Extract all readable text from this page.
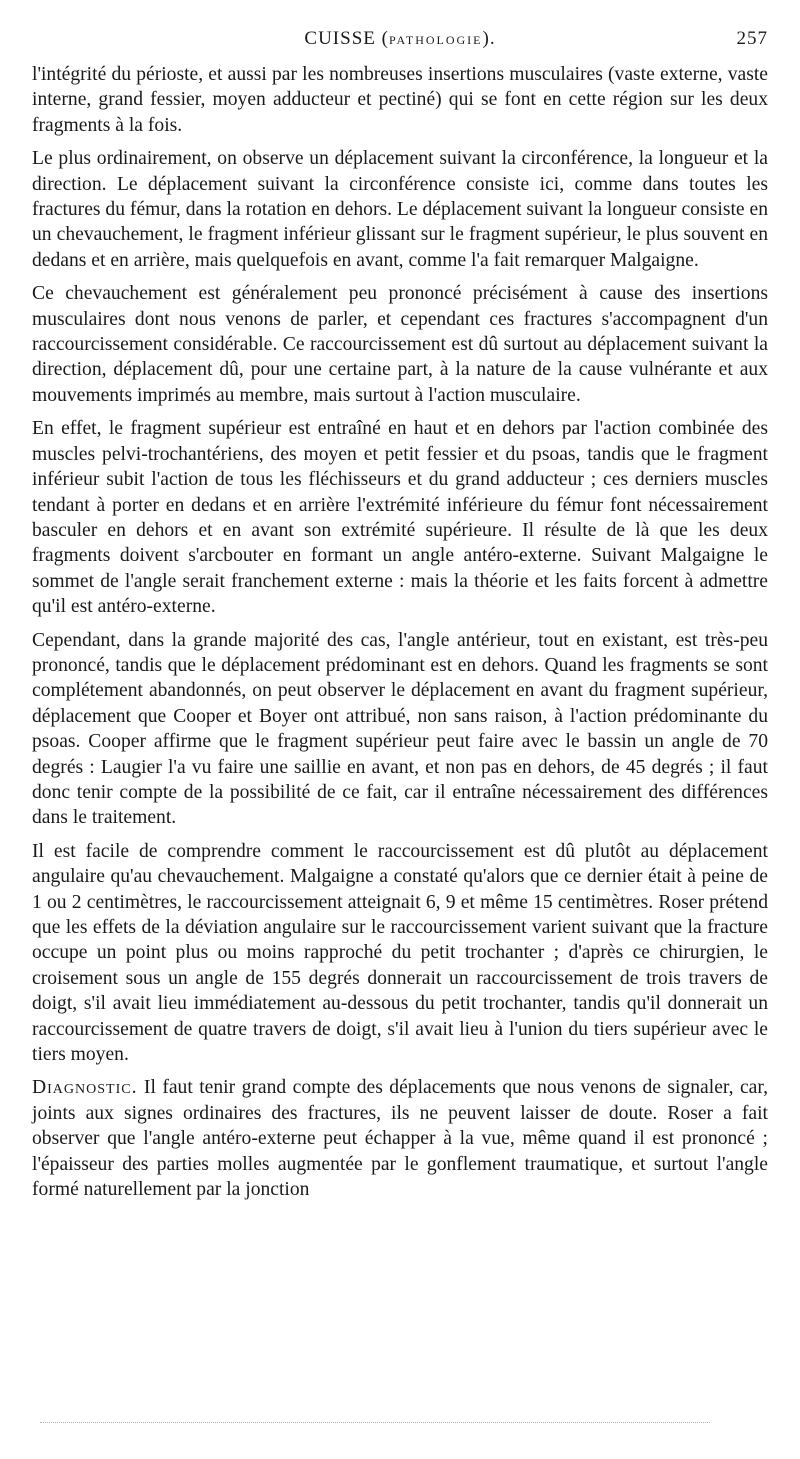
CUISSE (PATHOLOGIE).	257

l'intégrité du périoste, et aussi par les nombreuses insertions musculaires (vaste externe, vaste interne, grand fessier, moyen adducteur et pectiné) qui se font en cette région sur les deux fragments à la fois.

Le plus ordinairement, on observe un déplacement suivant la circonférence, la longueur et la direction. Le déplacement suivant la circonférence consiste ici, comme dans toutes les fractures du fémur, dans la rotation en dehors. Le déplacement suivant la longueur consiste en un chevauchement, le fragment inférieur glissant sur le fragment supérieur, le plus souvent en dedans et en arrière, mais quelquefois en avant, comme l'a fait remarquer Malgaigne.

Ce chevauchement est généralement peu prononcé précisément à cause des insertions musculaires dont nous venons de parler, et cependant ces fractures s'accompagnent d'un raccourcissement considérable. Ce raccourcissement est dû surtout au déplacement suivant la direction, déplacement dû, pour une certaine part, à la nature de la cause vulnérante et aux mouvements imprimés au membre, mais surtout à l'action musculaire.

En effet, le fragment supérieur est entraîné en haut et en dehors par l'action combinée des muscles pelvi-trochantériens, des moyen et petit fessier et du psoas, tandis que le fragment inférieur subit l'action de tous les fléchisseurs et du grand adducteur ; ces derniers muscles tendant à porter en dedans et en arrière l'extrémité inférieure du fémur font nécessairement basculer en dehors et en avant son extrémité supérieure. Il résulte de là que les deux fragments doivent s'arcbouter en formant un angle antéro-externe. Suivant Malgaigne le sommet de l'angle serait franchement externe : mais la théorie et les faits forcent à admettre qu'il est antéro-externe.

Cependant, dans la grande majorité des cas, l'angle antérieur, tout en existant, est très-peu prononcé, tandis que le déplacement prédominant est en dehors. Quand les fragments se sont complétement abandonnés, on peut observer le déplacement en avant du fragment supérieur, déplacement que Cooper et Boyer ont attribué, non sans raison, à l'action prédominante du psoas. Cooper affirme que le fragment supérieur peut faire avec le bassin un angle de 70 degrés : Laugier l'a vu faire une saillie en avant, et non pas en dehors, de 45 degrés ; il faut donc tenir compte de la possibilité de ce fait, car il entraîne nécessairement des différences dans le traitement.

Il est facile de comprendre comment le raccourcissement est dû plutôt au déplacement angulaire qu'au chevauchement. Malgaigne a constaté qu'alors que ce dernier était à peine de 1 ou 2 centimètres, le raccourcissement atteignait 6, 9 et même 15 centimètres. Roser prétend que les effets de la déviation angulaire sur le raccourcissement varient suivant que la fracture occupe un point plus ou moins rapproché du petit trochanter ; d'après ce chirurgien, le croisement sous un angle de 155 degrés donnerait un raccourcissement de trois travers de doigt, s'il avait lieu immédiatement au-dessous du petit trochanter, tandis qu'il donnerait un raccourcissement de quatre travers de doigt, s'il avait lieu à l'union du tiers supérieur avec le tiers moyen.

Diagnostic. Il faut tenir grand compte des déplacements que nous venons de signaler, car, joints aux signes ordinaires des fractures, ils ne peuvent laisser de doute. Roser a fait observer que l'angle antéro-externe peut échapper à la vue, même quand il est prononcé ; l'épaisseur des parties molles augmentée par le gonflement traumatique, et surtout l'angle formé naturellement par la jonction
